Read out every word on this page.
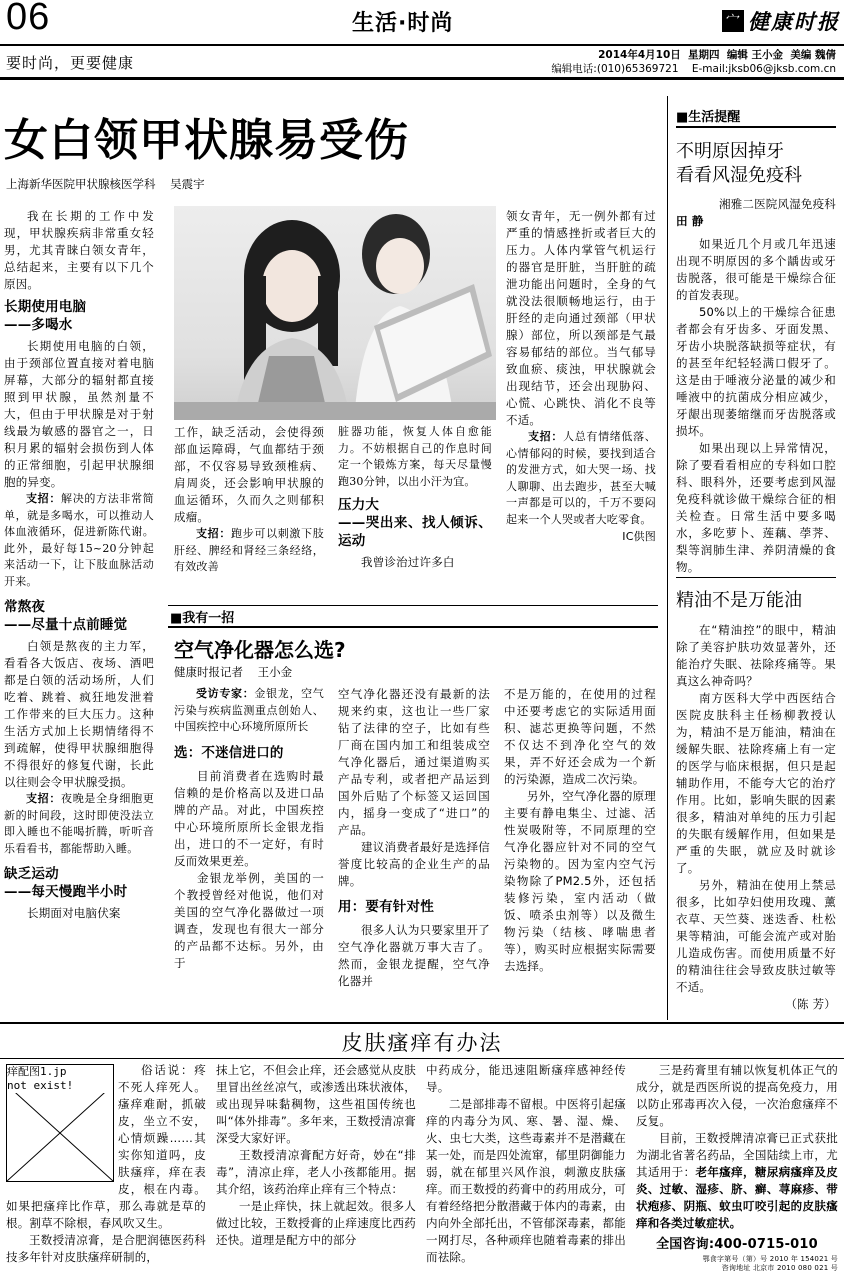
06	生活·时尚	宀 健康时报
要时尚，更要健康	2014年4月10日  星期四  编辑 王小金  美编 魏倩
编辑电话:(010)65369721    E-mail:jksb06@jksb.com.cn
女白领甲状腺易受伤
上海新华医院甲状腺核医学科    吴震宇

我在长期的工作中发现，甲状腺疾病非常重女轻男，尤其青睐白领女青年，总结起来，主要有以下几个原因。

长期使用电脑
——多喝水

长期使用电脑的白领，由于颈部位置直接对着电脑屏幕，大部分的辐射都直接照到甲状腺，虽然剂量不大，但由于甲状腺是对于射线最为敏感的器官之一，日积月累的辐射会损伤到人体的正常细胞，引起甲状腺细胞的异变。

支招：解决的方法非常简单，就是多喝水，可以推动人体血液循环，促进新陈代谢。此外，最好每15~20分钟起来活动一下，让下肢血脉活动开来。

常熬夜
——尽量十点前睡觉

白领是熬夜的主力军，看看各大饭店、夜场、酒吧都是白领的活动场所，人们吃着、跳着、疯狂地发泄着工作带来的巨大压力。这种生活方式加上长期情绪得不到疏解，使得甲状腺细胞得不得很好的修复代谢，长此以往则会令甲状腺受损。

支招：夜晚是全身细胞更新的时间段，这时即使没法立即入睡也不能喝折腾，听听音乐看看书，都能帮助入睡。

缺乏运动
——每天慢跑半小时

长期面对电脑伏案

工作，缺乏活动，会使得颈部血运障碍，气血都结于颈部，不仅容易导致颈椎病、肩周炎，还会影响甲状腺的血运循环，久而久之则郁积成瘤。

支招：跑步可以刺激下肢肝经、脾经和肾经三条经络，有效改善

脏器功能，恢复人体自愈能力。不妨根据自己的作息时间定一个锻炼方案，每天尽量慢跑30分钟，以出小汗为宜。

压力大
——哭出来、找人倾诉、运动

我曾诊治过许多白

领女青年，无一例外都有过严重的情感挫折或者巨大的压力。人体内掌管气机运行的器官是肝脏，当肝脏的疏泄功能出问题时，全身的气就没法很顺畅地运行，由于肝经的走向通过颈部（甲状腺）部位，所以颈部是气最容易郁结的部位。当气郁导致血瘀、痰浊，甲状腺就会出现结节，还会出现胁闷、心慌、心跳快、消化不良等不适。

支招：人总有情绪低落、心情郁闷的时候，要找到适合的发泄方式，如大哭一场、找人聊聊、出去跑步，甚至大喊一声都是可以的，千万不要闷起来一个人哭或者大吃零食。

IC供图
■我有一招
空气净化器怎么选?
健康时报记者    王小金

受访专家：金银龙，空气污染与疾病监测重点创始人、中国疾控中心环境所原所长

选：不迷信进口的

目前消费者在选购时最信赖的是价格高以及进口品牌的产品。对此，中国疾控中心环境所原所长金银龙指出，进口的不一定好，有时反而效果更差。

金银龙举例，美国的一个教授曾经对他说，他们对美国的空气净化器做过一项调查，发现也有很大一部分的产品都不达标。另外，由于

空气净化器还没有最新的法规来约束，这也让一些厂家钻了法律的空子，比如有些厂商在国内加工和组装成空气净化器后，通过渠道购买产品专利，或者把产品运到国外后贴了个标签又运回国内，摇身一变成了“进口”的产品。

建议消费者最好是选择信誉度比较高的企业生产的品牌。

用：要有针对性

很多人认为只要家里开了空气净化器就万事大吉了。然而，金银龙提醒，空气净化器并

不是万能的，在使用的过程中还要考虑它的实际适用面积、滤芯更换等问题，不然不仅达不到净化空气的效果，弄不好还会成为一个新的污染源，造成二次污染。

另外，空气净化器的原理主要有静电集尘、过滤、活性炭吸附等，不同原理的空气净化器应针对不同的空气污染物的。因为室内空气污染物除了PM2.5外，还包括装修污染，室内活动（做饭、喷杀虫剂等）以及微生物污染（结核、哮喘患者等），购买时应根据实际需要去选择。

■生活提醒
不明原因掉牙
看看风湿免疫科
湘雅二医院风湿免疫科
田 静

如果近几个月或几年迅速出现不明原因的多个龋齿或牙齿脱落，很可能是干燥综合征的首发表现。

50%以上的干燥综合征患者都会有牙齿多、牙面发黑、牙齿小块脱落缺损等症状，有的甚至年纪轻轻满口假牙了。这是由于唾液分泌量的减少和唾液中的抗菌成分相应减少，牙龈出现萎缩继而牙齿脱落或损坏。

如果出现以上异常情况，除了要看看相应的专科如口腔科、眼科外，还要考虑到风湿免疫科就诊做干燥综合征的相关检查。日常生活中要多喝水，多吃萝卜、莲藕、荸荠、梨等润肺生津、养阴清燥的食物。

精油不是万能油

在“精油控”的眼中，精油除了美容护肤功效显著外，还能治疗失眠、祛除疼痛等。果真这么神奇吗？

南方医科大学中西医结合医院皮肤科主任杨柳教授认为，精油不是万能油，精油在缓解失眠、祛除疼痛上有一定的医学与临床根据，但只是起辅助作用，不能夸大它的治疗作用。比如，影响失眠的因素很多，精油对单纯的压力引起的失眠有缓解作用，但如果是严重的失眠，就应及时就诊了。

另外，精油在使用上禁忌很多，比如孕妇使用玫瑰、薰衣草、天竺葵、迷迭香、杜松果等精油，可能会流产或对胎儿造成伤害。而使用质量不好的精油往往会导致皮肤过敏等不适。

（陈 芳）
皮肤瘙痒有办法
痒配图1.jp
not exist!

俗话说：疼不死人痒死人。瘙痒难耐，抓破皮，坐立不安，心情烦躁……其实你知道吗，皮肤瘙痒，痒在表皮，根在内毒。如果把瘙痒比作草，那么毒就是草的根。割草不除根，春风吹又生。

王数授清凉膏，是合肥润德医药科技多年针对皮肤瘙痒研制的，

抹上它，不但会止痒，还会感觉从皮肤里冒出丝丝凉气，或渗透出珠状液体，或出现异味黏稠物，这些祖国传统也叫“体外排毒”。多年来，王数授清凉膏深受大家好评。

王数授清凉膏配方好奇，妙在“排毒”，清凉止痒，老人小孩都能用。据其介绍，该药治痒止痒有三个特点：

一是止痒快，抹上就起效。很多人做过比较，王数授膏的止痒速度比西药还快。道理是配方中的部分

中药成分，能迅速阻断瘙痒感神经传导。

二是部排毒不留根。中医将引起瘙痒的内毒分为风、寒、暑、湿、燥、火、虫七大类，这些毒素并不是潜藏在某一处，而是四处流窜，郁里阴御能力弱，就在郁里兴风作浪，刺激皮肤瘙痒。而王数授的药膏中的药用成分，可有着经络把分散潜藏于体内的毒素，由内向外全部托出，不管郁深毒素，都能一网打尽，各种顽痒也随着毒素的排出而祛除。

三是药膏里有辅以恢复机体正气的成分，就是西医所说的提高免疫力，用以防止邪毒再次入侵，一次治愈瘙痒不反复。

目前，王数授牌清凉膏已正式获批为湖北省著名药品，全国陆续上市，尤其适用于：老年瘙痒，糖尿病瘙痒及皮炎、过敏、湿疹、脐、癣、荨麻疹、带状疱疹、阴瓶、蚊虫叮咬引起的皮肤瘙痒和各类过敏症状。

全国咨询:400-0715-010
鄂食字第号（第）号 2010 年 154021 号
咨询地址 北京市 2010 080 021 号
